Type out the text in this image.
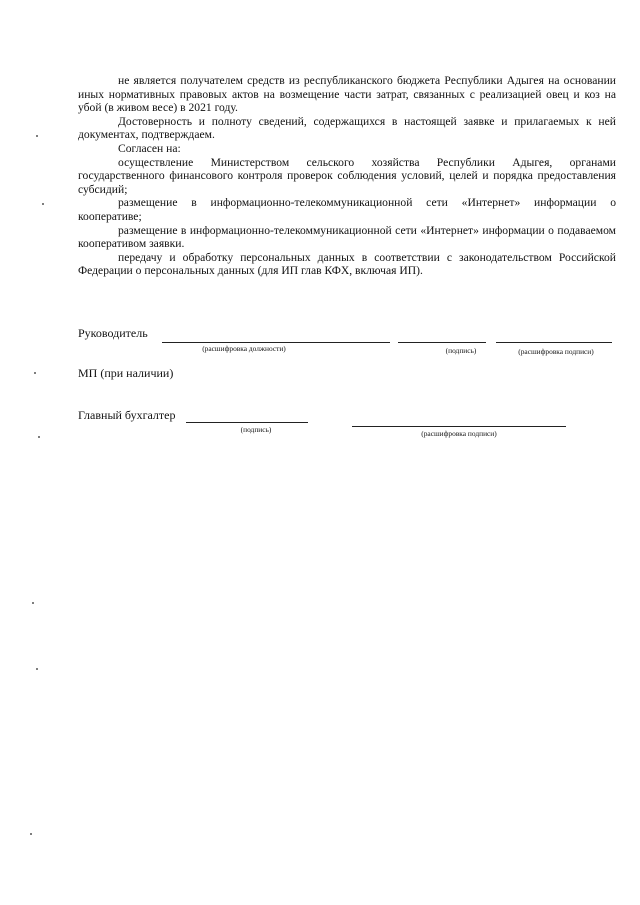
не является получателем средств из республиканского бюджета Республики Адыгея на основании иных нормативных правовых актов на возмещение части затрат, связанных с реализацией овец и коз на убой (в живом весе) в 2021 году.

Достоверность и полноту сведений, содержащихся в настоящей заявке и прилагаемых к ней документах, подтверждаем.

Согласен на:

осуществление Министерством сельского хозяйства Республики Адыгея, органами государственного финансового контроля проверок соблюдения условий, целей и порядка предоставления субсидий;

размещение в информационно-телекоммуникационной сети «Интернет» информации о кооперативе;

размещение в информационно-телекоммуникационной сети «Интернет» информации о подаваемом кооперативом заявки.

передачу и обработку персональных данных в соответствии с законодательством Российской Федерации о персональных данных (для ИП глав КФХ, включая ИП).

Руководитель
(расшифровка должности)	(подпись)	(расшифровка подписи)
МП (при наличии)
Главный бухгалтер
(подпись)	(расшифровка подписи)
